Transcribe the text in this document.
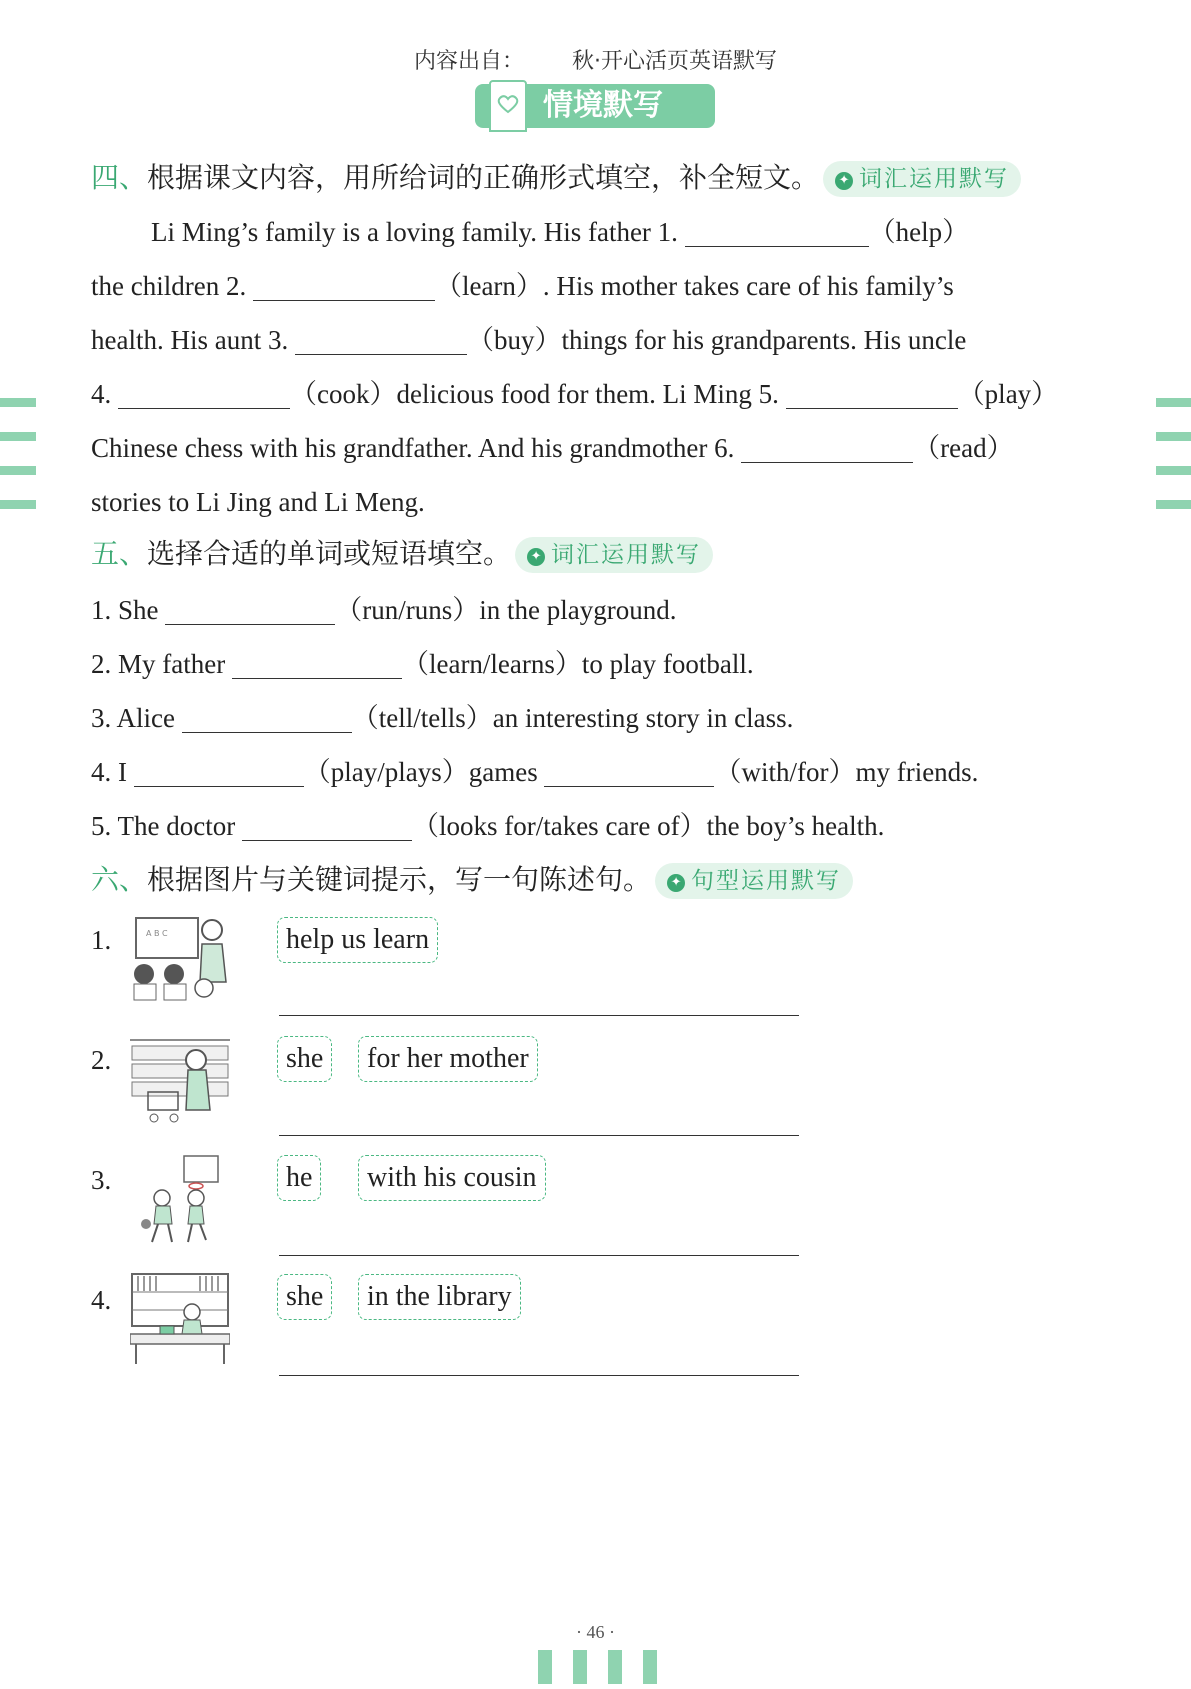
内容出自： 秋·开心活页英语默写
情境默写
四、根据课文内容，用所给词的正确形式填空，补全短文。 ✦ 词汇运用默写
Li Ming’s family is a loving family. His father 1.	（help）
the children 2.	（learn）. His mother takes care of his family’s
health. His aunt 3.	（buy）things for his grandparents. His uncle
4.	（cook）delicious food for them. Li Ming 5.	（play）
Chinese chess with his grandfather. And his grandmother 6.	（read）
stories to Li Jing and Li Meng.
五、选择合适的单词或短语填空。 ✦ 词汇运用默写
1. She	（run/runs）in the playground.
2. My father	（learn/learns）to play football.
3. Alice	（tell/tells）an interesting story in class.
4. I	（play/plays）games	（with/for）my friends.
5. The doctor	（looks for/takes care of）the boy’s health.
六、根据图片与关键词提示，写一句陈述句。 ✦ 句型运用默写
1.	A B C	help us learn
2.	she	for her mother
3.	he	with his cousin
4.	she	in the library
· 46 ·
